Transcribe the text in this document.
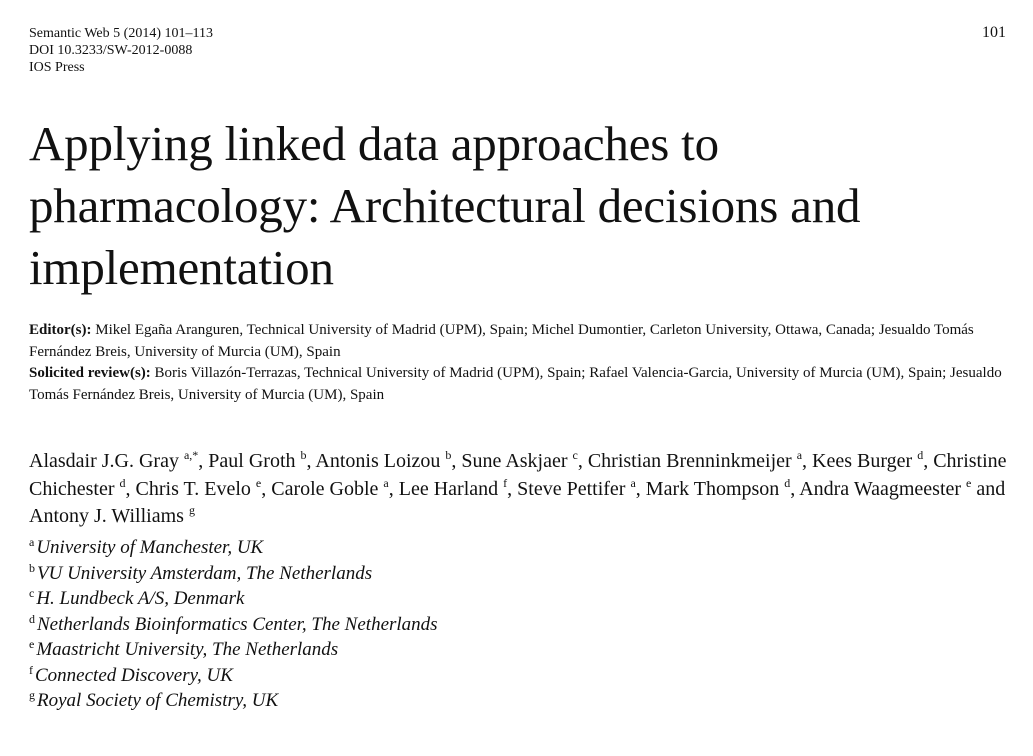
Semantic Web 5 (2014) 101–113
DOI 10.3233/SW-2012-0088
IOS Press
101
Applying linked data approaches to
pharmacology: Architectural decisions and
implementation

Editor(s): Mikel Egaña Aranguren, Technical University of Madrid (UPM), Spain; Michel Dumontier, Carleton University, Ottawa, Canada; Jesualdo Tomás Fernández Breis, University of Murcia (UM), Spain

Solicited review(s): Boris Villazón-Terrazas, Technical University of Madrid (UPM), Spain; Rafael Valencia-Garcia, University of Murcia (UM), Spain; Jesualdo Tomás Fernández Breis, University of Murcia (UM), Spain

Alasdair J.G. Gray $^{a,*}$, Paul Groth $^b$, Antonis Loizou $^b$, Sune Askjaer $^c$, Christian Brenninkmeijer $^a$, Kees Burger $^d$, Christine Chichester $^d$, Chris T. Evelo $^e$, Carole Goble $^a$, Lee Harland $^f$, Steve Pettifer $^a$, Mark Thompson $^d$, Andra Waagmeester $^e$ and Antony J. Williams $^g$
$^a$ University of Manchester, UK
$^b$ VU University Amsterdam, The Netherlands
$^c$ H. Lundbeck A/S, Denmark
$^d$ Netherlands Bioinformatics Center, The Netherlands
$^e$ Maastricht University, The Netherlands
$^f$ Connected Discovery, UK
$^g$ Royal Society of Chemistry, UK
